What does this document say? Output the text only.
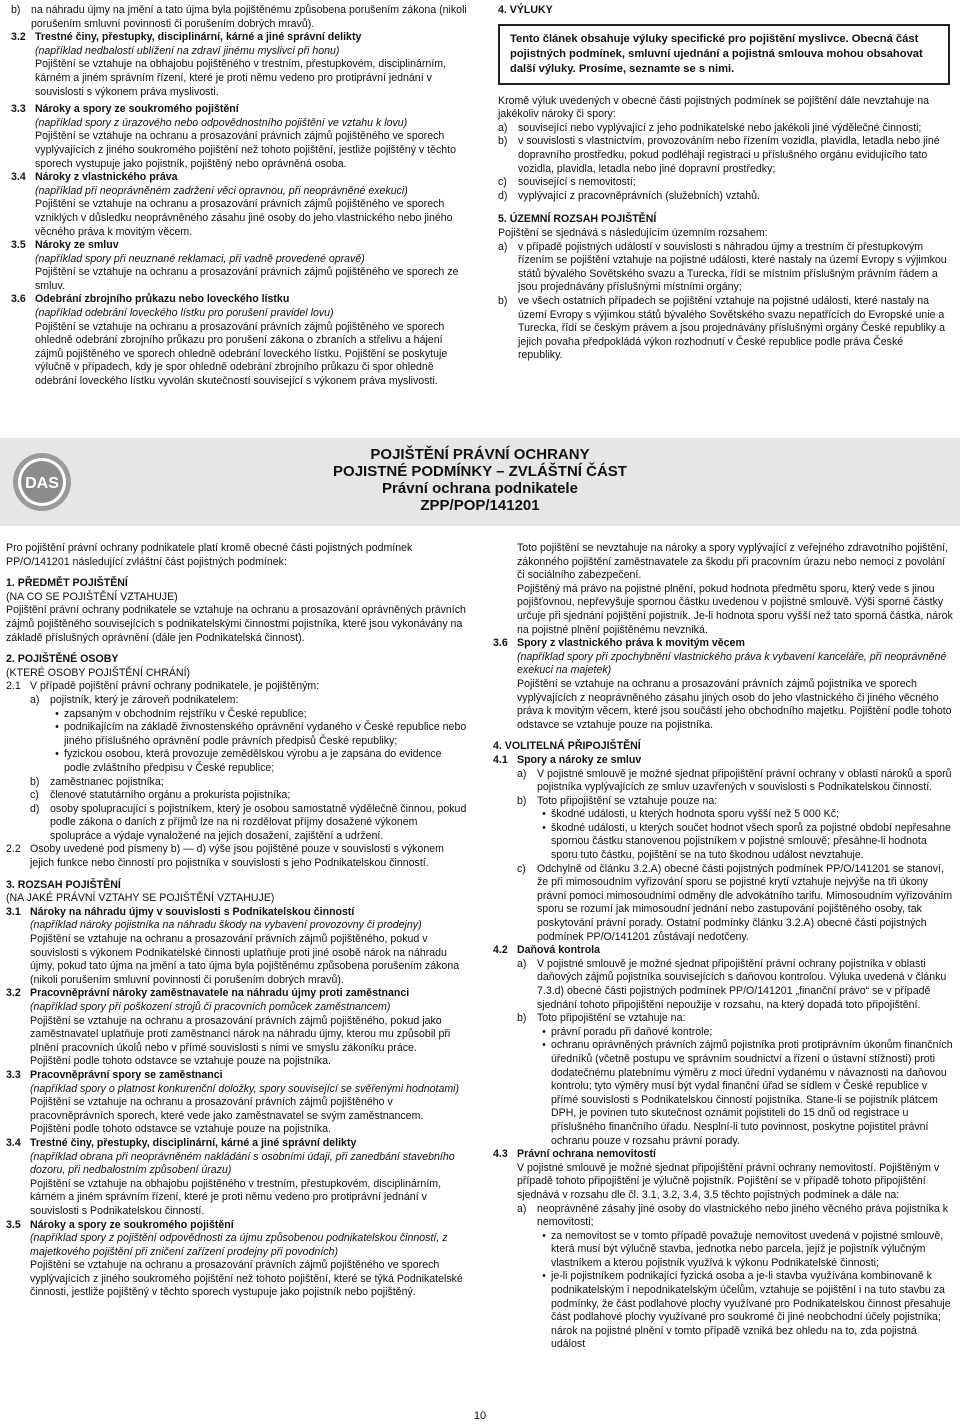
b) na náhradu újmy na jmění a tato újma byla pojištěnému způsobena porušením zákona (nikoli porušením smluvní povinnosti či porušením dobrých mravů).
3.2 Trestné činy, přestupky, disciplinární, kárné a jiné správní delikty

(například nedbalostí ublížení na zdraví jinému myslivci při honu)

Pojištění se vztahuje na obhajobu pojištěného v trestním, přestupkovém, disciplinárním, kárném a jiném správním řízení, které je proti němu vedeno pro protiprávní jednání v souvislosti s výkonem práva myslivosti.

3.3 Nároky a spory ze soukromého pojištění

(například spory z úrazového nebo odpovědnostního pojištění ve vztahu k lovu)

Pojištění se vztahuje na ochranu a prosazování právních zájmů pojištěného ve sporech vyplývajících z jiného soukromého pojištění než tohoto pojištění, jestliže pojištěný v těchto sporech vystupuje jako pojistník, pojištěný nebo oprávněná osoba.

3.4 Nároky z vlastnického práva

(například při neoprávněném zadržení věci opravnou, při neoprávněné exekuci)

Pojištění se vztahuje na ochranu a prosazování právních zájmů pojištěného ve sporech vzniklých v důsledku neoprávněného zásahu jiné osoby do jeho vlastnického nebo jiného věcného práva k movitým věcem.

3.5 Nároky ze smluv

(například spory při neuznané reklamaci, při vadně provedené opravě)

Pojištění se vztahuje na ochranu a prosazování právních zájmů pojištěného ve sporech ze smluv.

3.6 Odebrání zbrojního průkazu nebo loveckého lístku

(například odebrání loveckého lístku pro porušení pravidel lovu)

Pojištění se vztahuje na ochranu a prosazování právních zájmů pojištěného ve sporech ohledně odebrání zbrojního průkazu pro porušení zákona o zbraních a střelivu a hájení zájmů pojištěného ve sporech ohledně odebrání loveckého lístku. Pojištění se poskytuje výlučně v případech, kdy je spor ohledně odebrání zbrojního průkazu či spor ohledně odebrání loveckého lístku vyvolán skutečností související s výkonem práva myslivosti.

4. VÝLUKY

Tento článek obsahuje výluky specifické pro pojištění myslivce. Obecná část pojistných podmínek, smluvní ujednání a pojistná smlouva mohou obsahovat další výluky. Prosíme, seznamte se s nimi.

Kromě výluk uvedených v obecné části pojistných podmínek se pojištění dále nevztahuje na jakékoliv nároky či spory:

a) související nebo vyplývající z jeho podnikatelské nebo jakékoli jiné výdělečné činnosti;
b) v souvislosti s vlastnictvím, provozováním nebo řízením vozidla, plavidla, letadla nebo jiné dopravního prostředku, pokud podléhají registraci u příslušného orgánu evidujícího tato vozidla, plavidla, letadla nebo jiné dopravní prostředky;
c)	související s nemovitostí;
d) vyplývající z pracovněprávních (služebních) vztahů.

5. ÚZEMNÍ ROZSAH POJIŠTĚNÍ

Pojištění se sjednává s následujícím územním rozsahem:

a) v případě pojistných událostí v souvislosti s náhradou újmy a trestním či přestupkovým řízením se pojištění vztahuje na pojistné události, které nastaly na území Evropy s výjimkou států bývalého Sovětského svazu a Turecka, řídí se místním příslušným právním řádem a jsou projednávány příslušnými místními orgány;
b) ve všech ostatních případech se pojištění vztahuje na pojistné události, které nastaly na území Evropy s výjimkou států bývalého Sovětského svazu nepatřících do Evropské unie a Turecka, řídí se českým právem a jsou projednávány příslušnými orgány České republiky a jejich povaha předpokládá výkon rozhodnutí v České republice podle práva České republiky.
DAS
POJIŠTĚNÍ PRÁVNÍ OCHRANY
POJISTNÉ PODMÍNKY – ZVLÁŠTNÍ ČÁST
Právní ochrana podnikatele
ZPP/POP/141201

Pro pojištění právní ochrany podnikatele platí kromě obecné části pojistných podmínek PP/O/141201 následující zvláštní část pojistných podmínek:

1. PŘEDMĚT POJIŠTĚNÍ

(NA CO SE POJIŠTĚNÍ VZTAHUJE)

Pojištění právní ochrany podnikatele se vztahuje na ochranu a prosazování oprávněných právních zájmů pojištěného souvisejících s podnikatelskými činnostmi pojistníka, které jsou vykonávány na základě příslušných oprávnění (dále jen Podnikatelská činnost).

2. POJIŠTĚNÉ OSOBY

(KTERÉ OSOBY POJIŠTĚNÍ CHRÁNÍ)

2.1 V případě pojištění právní ochrany podnikatele, je pojištěným:
a) pojistník, který je zároveň podnikatelem:
• zapsaným v obchodním rejstříku v České republice;
• podnikajícím na základě živnostenského oprávnění vydaného v České republice nebo jiného příslušného oprávnění podle právních předpisů České republiky;
• fyzickou osobou, která provozuje zemědělskou výrobu a je zapsána do evidence podle zvláštního předpisu v České republice;
b) zaměstnanec pojistníka;
c)	členové statutárního orgánu a prokurista pojistníka;
d) osoby spolupracující s pojistníkem, který je osobou samostatně výdělečně činnou, pokud podle zákona o daních z příjmů lze na ni rozdělovat příjmy dosažené výkonem spolupráce a výdaje vynaložené na jejich dosažení, zajištění a udržení.
2.2 Osoby uvedené pod písmeny b) — d) výše jsou pojištěné pouze v souvislosti s výkonem jejich funkce nebo činností pro pojistníka v souvislosti s jeho Podnikatelskou činností.

3. ROZSAH POJIŠTĚNÍ

(NA JAKÉ PRÁVNÍ VZTAHY SE POJIŠTĚNÍ VZTAHUJE)

3.1 Nároky na náhradu újmy v souvislosti s Podnikatelskou činností

(například nároky pojistníka na náhradu škody na vybavení provozovny či prodejny)

Pojištění se vztahuje na ochranu a prosazování právních zájmů pojištěného, pokud v souvislosti s výkonem Podnikatelské činnosti uplatňuje proti jiné osobě nárok na náhradu újmy, pokud tato újma na jmění a tato újma byla pojištěnému způsobena porušením zákona (nikoli porušením smluvní povinnosti či porušením dobrých mravů).

3.2 Pracovněprávní nároky zaměstnavatele na náhradu újmy proti zaměstnanci

(například spory při poškození strojů či pracovních pomůcek zaměstnancem)

Pojištění se vztahuje na ochranu a prosazování právních zájmů pojištěného, pokud jako zaměstnavatel uplatňuje proti zaměstnanci nárok na náhradu újmy, kterou mu způsobil při plnění pracovních úkolů nebo v přímé souvislosti s nimi ve smyslu zákoníku práce.

Pojištění podle tohoto odstavce se vztahuje pouze na pojistníka.

3.3 Pracovněprávní spory se zaměstnanci

(například spory o platnost konkurenční doložky, spory související se svěřenými hodnotami)

Pojištění se vztahuje na ochranu a prosazování právních zájmů pojištěného v pracovněprávních sporech, které vede jako zaměstnavatel se svým zaměstnancem.

Pojištění podle tohoto odstavce se vztahuje pouze na pojistníka.

3.4 Trestné činy, přestupky, disciplinární, kárné a jiné správní delikty

(například obrana při neoprávněném nakládání s osobními údaji, při zanedbání stavebního dozoru, při nedbalostním způsobení úrazu)

Pojištění se vztahuje na obhajobu pojištěného v trestním, přestupkovém, disciplinárním, kárném a jiném správním řízení, které je proti němu vedeno pro protiprávní jednání v souvislosti s Podnikatelskou činností.

3.5 Nároky a spory ze soukromého pojištění

(například spory z pojištění odpovědnosti za újmu způsobenou podnikatelskou činností, z majetkového pojištění při zničení zařízení prodejny při povodních)

Pojištění se vztahuje na ochranu a prosazování právních zájmů pojištěného ve sporech vyplývajících z jiného soukromého pojištění než tohoto pojištění, které se týká Podnikatelské činnosti, jestliže pojištěný v těchto sporech vystupuje jako pojistník nebo pojištěný.

Toto pojištění se nevztahuje na nároky a spory vyplývající z veřejného zdravotního pojištění, zákonného pojištění zaměstnavatele za škodu při pracovním úrazu nebo nemoci z povolání či sociálního zabezpečení.

Pojištěný má právo na pojistné plnění, pokud hodnota předmětu sporu, který vede s jinou pojišťovnou, nepřevyšuje spornou částku uvedenou v pojistné smlouvě. Výši sporné částky určuje při sjednání pojištění pojistník. Je-li hodnota sporu vyšší než tato sporná částka, nárok na pojistné plnění pojištěnému nevzniká.

3.6 Spory z vlastnického práva k movitým věcem

(například spory při zpochybnění vlastnického práva k vybavení kanceláře, při neoprávněné exekuci na majetek)

Pojištění se vztahuje na ochranu a prosazování právních zájmů pojistníka ve sporech vyplývajících z neoprávněného zásahu jiných osob do jeho vlastnického či jiného věcného práva k movitým věcem, které jsou součástí jeho obchodního majetku. Pojištění podle tohoto odstavce se vztahuje pouze na pojistníka.

4. VOLITELNÁ PŘIPOJIŠTĚNÍ

4.1 Spory a nároky ze smluv
a) V pojistné smlouvě je možné sjednat připojištění právní ochrany v oblasti nároků a sporů pojistníka vyplývajících ze smluv uzavřených v souvislosti s Podnikatelskou činností.
b) Toto připojištění se vztahuje pouze na:
• škodné události, u kterých hodnota sporu vyšší než 5 000 Kč;
• škodné události, u kterých součet hodnot všech sporů za pojistné období nepřesahne spornou částku stanovenou pojistníkem v pojistné smlouvě; přesáhne-li hodnota sporu tuto částku, pojištění se na tuto škodnou událost nevztahuje.
c)	Odchylně od článku 3.2.A) obecné části pojistných podmínek PP/O/141201 se stanoví, že při mimosoudním vyřizování sporu se pojistné krytí vztahuje nejvýše na tři úkony právní pomoci mimosoudními odměny dle advokátního tarifu. Mimosoudním vyřizováním sporu se rozumí jak mimosoudní jednání nebo zastupování pojištěného osoby, tak poskytování právní porady. Ostatní podmínky článku 3.2.A) obecné části pojistných podmínek PP/O/141201 zůstávají nedotčeny.
4.2 Daňová kontrola
a) V pojistné smlouvě je možné sjednat připojištění právní ochrany pojistníka v oblasti daňových zájmů pojistníka souvisejících s daňovou kontrolou. Výluka uvedená v článku 7.3.d) obecné části pojistných podmínek PP/O/141201 „finanční právo“ se v případě sjednání tohoto připojištění nepoužije v rozsahu, na který dopadá toto připojištění.
b) Toto připojištění se vztahuje na:
• právní poradu při daňové kontrole;
• ochranu oprávněných právních zájmů pojistníka proti protiprávním úkonům finančních úředníků (včetně postupu ve správním soudnictví a řízení o ústavní stížnosti) proti dodatečnému platebnímu výměru z moci úřední vydanému v návaznosti na daňovou kontrolu; tyto výměry musí být vydal finanční úřad se sídlem v České republice v přímé souvislosti s Podnikatelskou činností pojistníka. Stane-li se pojistník plátcem DPH, je povinen tuto skutečnost oznámit pojistiteli do 15 dnů od registrace u příslušného finančního úřadu. Nesplní-li tuto povinnost, poskytne pojistitel právní ochranu pouze v rozsahu právní porady.
4.3 Právní ochrana nemovitostí

V pojistné smlouvě je možné sjednat připojištění právní ochrany nemovitostí. Pojištěným v případě tohoto připojištění je výlučně pojistník. Pojištění se v případě tohoto připojištění sjednává v rozsahu dle čl. 3.1, 3.2, 3.4, 3.5 těchto pojistných podmínek a dále na:

a) neoprávněné zásahy jiné osoby do vlastnického nebo jiného věcného práva pojistníka k nemovitosti;
• za nemovitost se v tomto případě považuje nemovitost uvedená v pojistné smlouvě, která musí být výlučně stavba, jednotka nebo parcela, jejíž je pojistník výlučným vlastníkem a kterou pojistník využívá k výkonu Podnikatelské činnosti;
• je-li pojistníkem podnikající fyzická osoba a je-li stavba využívána kombinovaně k podnikatelským i nepodnikatelským účelům, vztahuje se pojištění i na tuto stavbu za podmínky, že část podlahové plochy využívané pro Podnikatelskou činnost přesahuje část podlahové plochy využívané pro soukromé či jiné neobchodní účely pojistníka; nárok na pojistné plnění v tomto případě vzniká bez ohledu na to, zda pojistná událost
10
